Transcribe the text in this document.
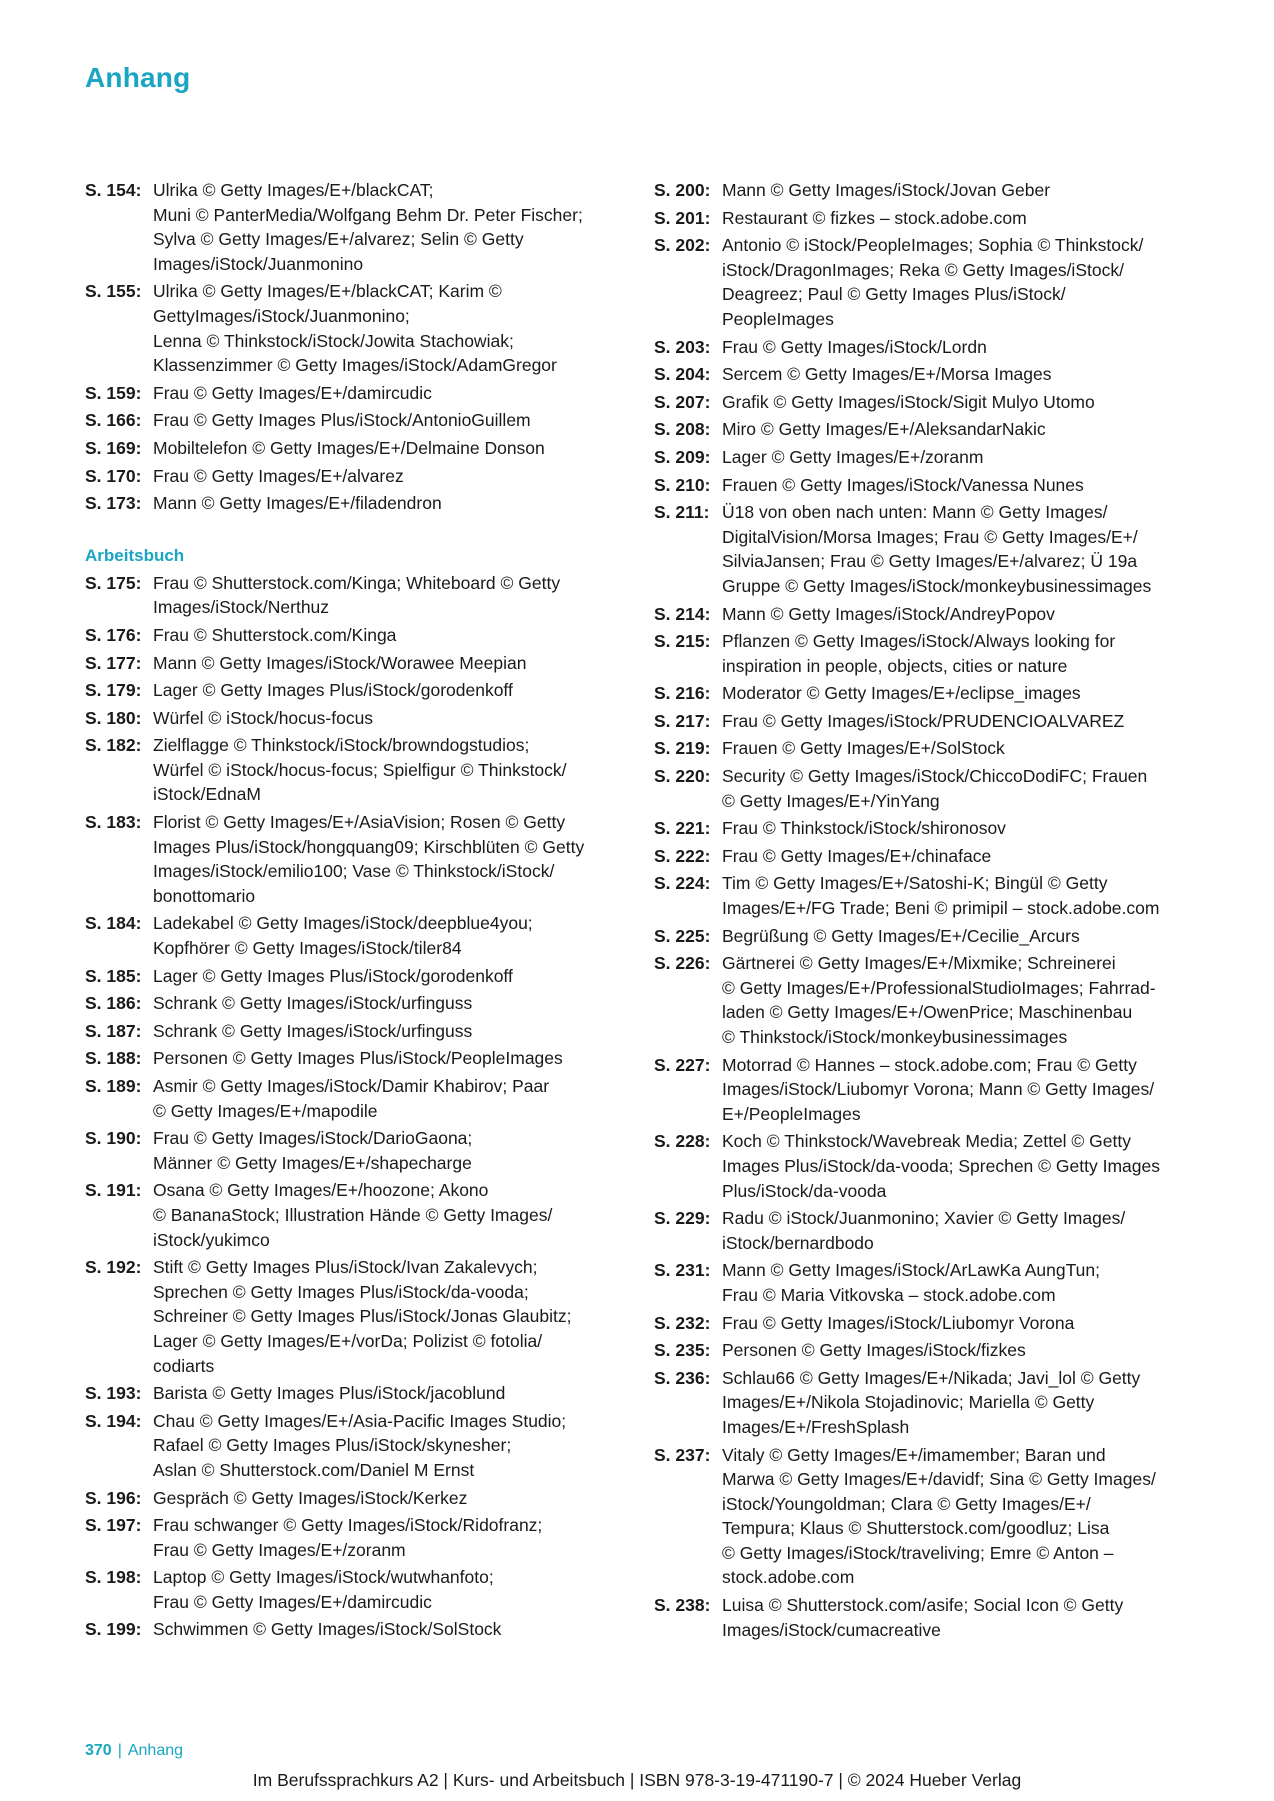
Anhang
S. 154: Ulrika © Getty Images/E+/blackCAT;
Muni © PanterMedia/Wolfgang Behm Dr. Peter Fischer; Sylva © Getty Images/E+/alvarez; Selin © Getty Images/iStock/Juanmonino
S. 155: Ulrika © Getty Images/E+/blackCAT; Karim © GettyImages/iStock/Juanmonino;
Lenna © Thinkstock/iStock/Jowita Stachowiak; Klassenzimmer © Getty Images/iStock/AdamGregor
S. 159: Frau © Getty Images/E+/damircudic
S. 166: Frau © Getty Images Plus/iStock/AntonioGuillem
S. 169: Mobiltelefon © Getty Images/E+/Delmaine Donson
S. 170: Frau © Getty Images/E+/alvarez
S. 173: Mann © Getty Images/E+/filadendron
Arbeitsbuch
S. 175: Frau © Shutterstock.com/Kinga; Whiteboard © Getty Images/iStock/Nerthuz
S. 176: Frau © Shutterstock.com/Kinga
S. 177: Mann © Getty Images/iStock/Worawee Meepian
S. 179: Lager © Getty Images Plus/iStock/gorodenkoff
S. 180: Würfel © iStock/hocus-focus
S. 182: Zielflagge © Thinkstock/iStock/browndogstudios;
Würfel © iStock/hocus-focus; Spielfigur © Thinkstock/
iStock/EdnaM
S. 183: Florist © Getty Images/E+/AsiaVision; Rosen © Getty Images Plus/iStock/hongquang09; Kirschblüten © Getty Images/iStock/emilio100; Vase © Thinkstock/iStock/
bonottomario
S. 184: Ladekabel © Getty Images/iStock/deepblue4you;
Kopfhörer © Getty Images/iStock/tiler84
S. 185: Lager © Getty Images Plus/iStock/gorodenkoff
S. 186: Schrank © Getty Images/iStock/urfinguss
S. 187: Schrank © Getty Images/iStock/urfinguss
S. 188: Personen © Getty Images Plus/iStock/PeopleImages
S. 189: Asmir © Getty Images/iStock/Damir Khabirov; Paar
© Getty Images/E+/mapodile
S. 190: Frau © Getty Images/iStock/DarioGaona;
Männer © Getty Images/E+/shapecharge
S. 191: Osana © Getty Images/E+/hoozone; Akono
© BananaStock; Illustration Hände © Getty Images/
iStock/yukimco
S. 192: Stift © Getty Images Plus/iStock/Ivan Zakalevych;
Sprechen © Getty Images Plus/iStock/da-vooda;
Schreiner © Getty Images Plus/iStock/Jonas Glaubitz;
Lager © Getty Images/E+/vorDa; Polizist © fotolia/
codiarts
S. 193: Barista © Getty Images Plus/iStock/jacoblund
S. 194: Chau © Getty Images/E+/Asia-Pacific Images Studio;
Rafael © Getty Images Plus/iStock/skynesher;
Aslan © Shutterstock.com/Daniel M Ernst
S. 196: Gespräch © Getty Images/iStock/Kerkez
S. 197: Frau schwanger © Getty Images/iStock/Ridofranz;
Frau © Getty Images/E+/zoranm
S. 198: Laptop © Getty Images/iStock/wutwhanfoto;
Frau © Getty Images/E+/damircudic
S. 199: Schwimmen © Getty Images/iStock/SolStock
S. 200: Mann © Getty Images/iStock/Jovan Geber
S. 201: Restaurant © fizkes – stock.adobe.com
S. 202: Antonio © iStock/PeopleImages; Sophia © Thinkstock/
iStock/DragonImages; Reka © Getty Images/iStock/
Deagreez; Paul © Getty Images Plus/iStock/
PeopleImages
S. 203: Frau © Getty Images/iStock/Lordn
S. 204: Sercem © Getty Images/E+/Morsa Images
S. 207: Grafik © Getty Images/iStock/Sigit Mulyo Utomo
S. 208: Miro © Getty Images/E+/AleksandarNakic
S. 209: Lager © Getty Images/E+/zoranm
S. 210: Frauen © Getty Images/iStock/Vanessa Nunes
S. 211: Ü18 von oben nach unten: Mann © Getty Images/
DigitalVision/Morsa Images; Frau © Getty Images/E+/
SilviaJansen; Frau © Getty Images/E+/alvarez; Ü 19a
Gruppe © Getty Images/iStock/monkeybusinessimages
S. 214: Mann © Getty Images/iStock/AndreyPopov
S. 215: Pflanzen © Getty Images/iStock/Always looking for
inspiration in people, objects, cities or nature
S. 216: Moderator © Getty Images/E+/eclipse_images
S. 217: Frau © Getty Images/iStock/PRUDENCIOALVAREZ
S. 219: Frauen © Getty Images/E+/SolStock
S. 220: Security © Getty Images/iStock/ChiccoDodiFC; Frauen
© Getty Images/E+/YinYang
S. 221: Frau © Thinkstock/iStock/shironosov
S. 222: Frau © Getty Images/E+/chinaface
S. 224: Tim © Getty Images/E+/Satoshi-K; Bingül © Getty
Images/E+/FG Trade; Beni © primipil – stock.adobe.com
S. 225: Begrüßung © Getty Images/E+/Cecilie_Arcurs
S. 226: Gärtnerei © Getty Images/E+/Mixmike; Schreinerei
© Getty Images/E+/ProfessionalStudioImages; Fahrrad-
laden © Getty Images/E+/OwenPrice; Maschinenbau
© Thinkstock/iStock/monkeybusinessimages
S. 227: Motorrad © Hannes – stock.adobe.com; Frau © Getty
Images/iStock/Liubomyr Vorona; Mann © Getty Images/
E+/PeopleImages
S. 228: Koch © Thinkstock/Wavebreak Media; Zettel © Getty
Images Plus/iStock/da-vooda; Sprechen © Getty Images
Plus/iStock/da-vooda
S. 229: Radu © iStock/Juanmonino; Xavier © Getty Images/
iStock/bernardbodo
S. 231: Mann © Getty Images/iStock/ArLawKa AungTun;
Frau © Maria Vitkovska – stock.adobe.com
S. 232: Frau © Getty Images/iStock/Liubomyr Vorona
S. 235: Personen © Getty Images/iStock/fizkes
S. 236: Schlau66 © Getty Images/E+/Nikada; Javi_lol © Getty
Images/E+/Nikola Stojadinovic; Mariella © Getty
Images/E+/FreshSplash
S. 237: Vitaly © Getty Images/E+/imamember; Baran und
Marwa © Getty Images/E+/davidf; Sina © Getty Images/
iStock/Youngoldman; Clara © Getty Images/E+/
Tempura; Klaus © Shutterstock.com/goodluz; Lisa
© Getty Images/iStock/traveliving; Emre © Anton –
stock.adobe.com
S. 238: Luisa © Shutterstock.com/asife; Social Icon © Getty
Images/iStock/cumacreative
370 | Anhang
Im Berufssprachkurs A2 | Kurs- und Arbeitsbuch | ISBN 978-3-19-471190-7 | © 2024 Hueber Verlag
